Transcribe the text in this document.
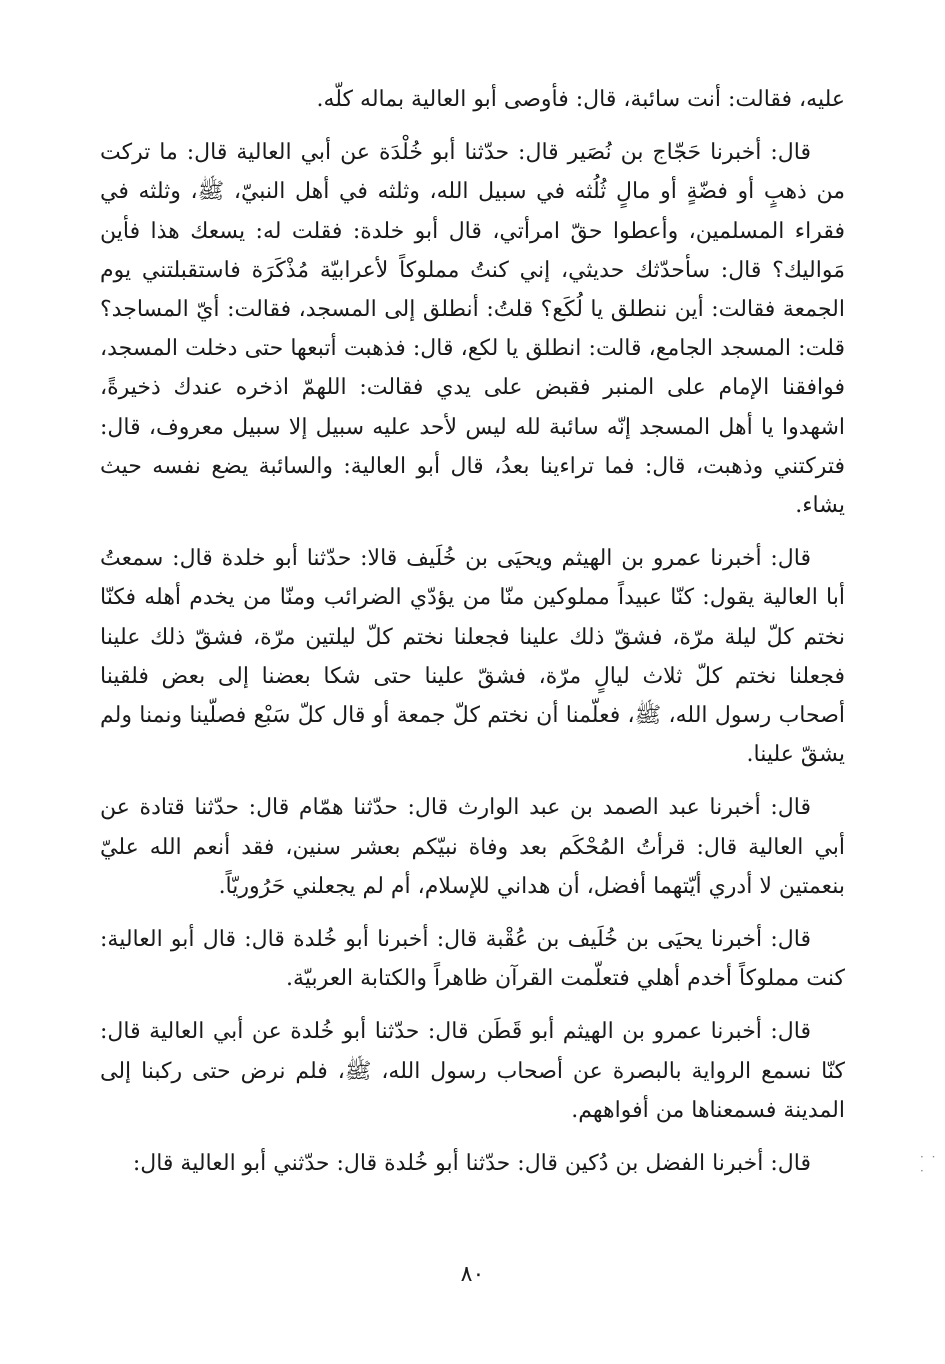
عليه، فقالت: أنت سائبة، قال: فأوصى أبو العالية بماله كلّه.

قال: أخبرنا حَجّاج بن نُصَير قال: حدّثنا أبو خُلْدَة عن أبي العالية قال: ما تركت من ذهبٍ أو فضّةٍ أو مالٍ ثُلُثه في سبيل الله، وثلثه في أهل النبيّ، ﷺ، وثلثه في فقراء المسلمين، وأعطوا حقّ امرأتي، قال أبو خلدة: فقلت له: يسعك هذا فأين مَواليك؟ قال: سأحدّثك حديثي، إني كنتُ مملوكاً لأعرابيّة مُذْكَرَة فاستقبلتني يوم الجمعة فقالت: أين ننطلق يا لُكَع؟ قلتُ: أنطلق إلى المسجد، فقالت: أيّ المساجد؟ قلت: المسجد الجامع، قالت: انطلق يا لكع، قال: فذهبت أتبعها حتى دخلت المسجد، فوافقنا الإمام على المنبر فقبض على يدي فقالت: اللهمّ اذخره عندك ذخيرةً، اشهدوا يا أهل المسجد إنّه سائبة لله ليس لأحد عليه سبيل إلا سبيل معروف، قال: فتركتني وذهبت، قال: فما تراءينا بعدُ، قال أبو العالية: والسائبة يضع نفسه حيث يشاء.

قال: أخبرنا عمرو بن الهيثم ويحيَى بن خُلَيف قالا: حدّثنا أبو خلدة قال: سمعتُ أبا العالية يقول: كنّا عبيداً مملوكين منّا من يؤدّي الضرائب ومنّا من يخدم أهله فكنّا نختم كلّ ليلة مرّة، فشقّ ذلك علينا فجعلنا نختم كلّ ليلتين مرّة، فشقّ ذلك علينا فجعلنا نختم كلّ ثلاث ليالٍ مرّة، فشقّ علينا حتى شكا بعضنا إلى بعض فلقينا أصحاب رسول الله، ﷺ، فعلّمنا أن نختم كلّ جمعة أو قال كلّ سَبْع فصلّينا ونمنا ولم يشقّ علينا.

قال: أخبرنا عبد الصمد بن عبد الوارث قال: حدّثنا همّام قال: حدّثنا قتادة عن أبي العالية قال: قرأتُ المُحْكَم بعد وفاة نبيّكم بعشر سنين، فقد أنعم الله عليّ بنعمتين لا أدري أيّتهما أفضل، أن هداني للإسلام، أم لم يجعلني حَرُوريّاً.

قال: أخبرنا يحيَى بن خُلَيف بن عُقْبة قال: أخبرنا أبو خُلدة قال: قال أبو العالية: كنت مملوكاً أخدم أهلي فتعلّمت القرآن ظاهراً والكتابة العربيّة.

قال: أخبرنا عمرو بن الهيثم أبو قَطَن قال: حدّثنا أبو خُلدة عن أبي العالية قال: كنّا نسمع الرواية بالبصرة عن أصحاب رسول الله، ﷺ، فلم نرض حتى ركبنا إلى المدينة فسمعناها من أفواههم.

قال: أخبرنا الفضل بن دُكين قال: حدّثنا أبو خُلدة قال: حدّثني أبو العالية قال:

٨٠
· · ·
